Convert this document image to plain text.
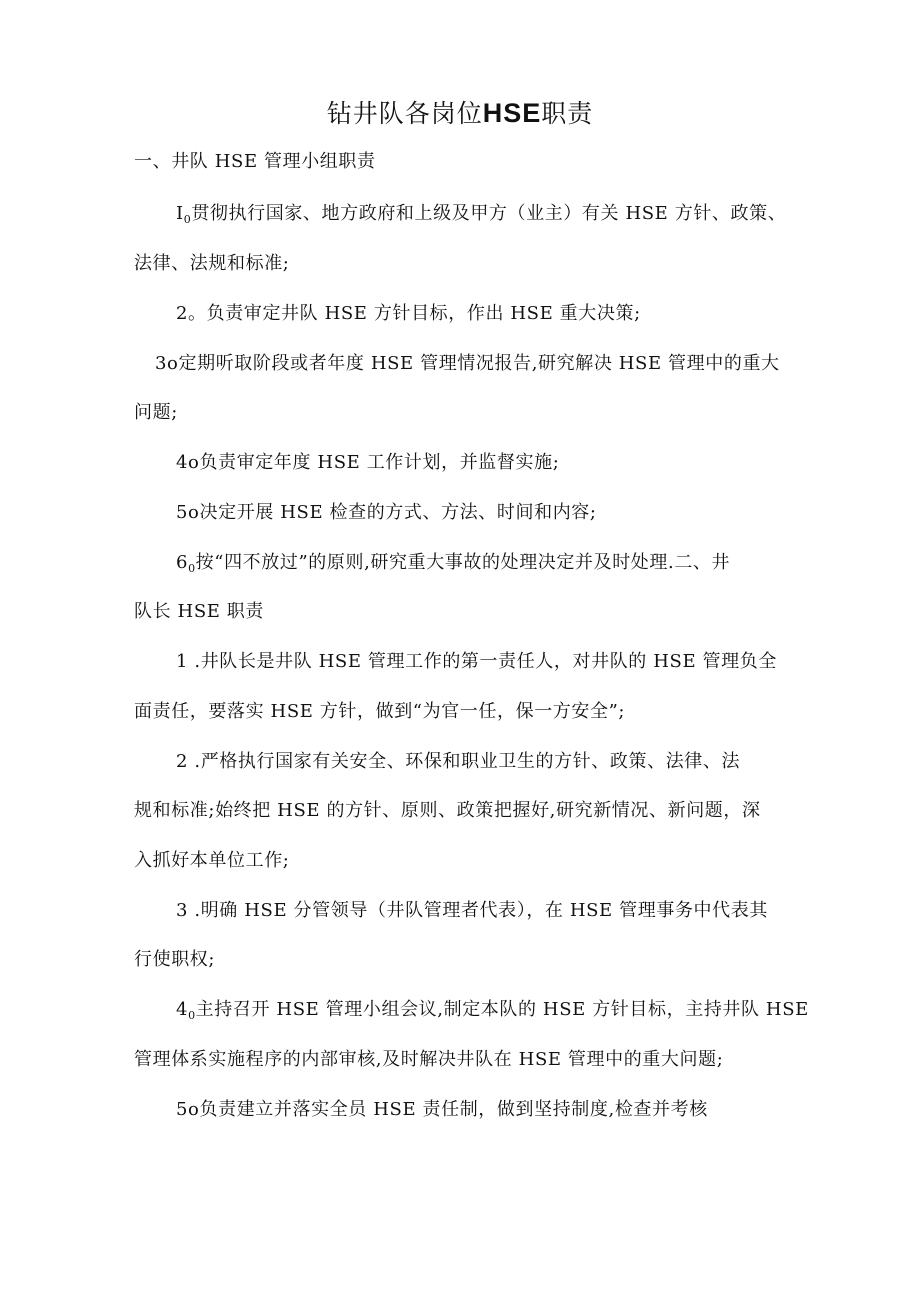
钻井队各岗位HSE职责
一、井队 HSE 管理小组职责
$I_0$贯彻执行国家、地方政府和上级及甲方（业主）有关 HSE 方针、政策、
法律、法规和标准;
2。负责审定井队 HSE 方针目标，作出 HSE 重大决策;
3o定期听取阶段或者年度 HSE 管理情况报告,研究解决 HSE 管理中的重大
问题;
4o负责审定年度 HSE 工作计划，并监督实施;
5o决定开展 HSE 检查的方式、方法、时间和内容;
$6_0$按“四不放过”的原则,研究重大事故的处理决定并及时处理.二、井
队长 HSE 职责
1 .井队长是井队 HSE 管理工作的第一责任人，对井队的 HSE 管理负全
面责任，要落实 HSE 方针，做到“为官一任，保一方安全”;
2 .严格执行国家有关安全、环保和职业卫生的方针、政策、法律、法
规和标准;始终把 HSE 的方针、原则、政策把握好,研究新情况、新问题，深
入抓好本单位工作;
3 .明确 HSE 分管领导（井队管理者代表），在 HSE 管理事务中代表其
行使职权;
$4_0$主持召开 HSE 管理小组会议,制定本队的 HSE 方针目标，主持井队 HSE
管理体系实施程序的内部审核,及时解决井队在 HSE 管理中的重大问题;
5o负责建立并落实全员 HSE 责任制，做到坚持制度,检查并考核
